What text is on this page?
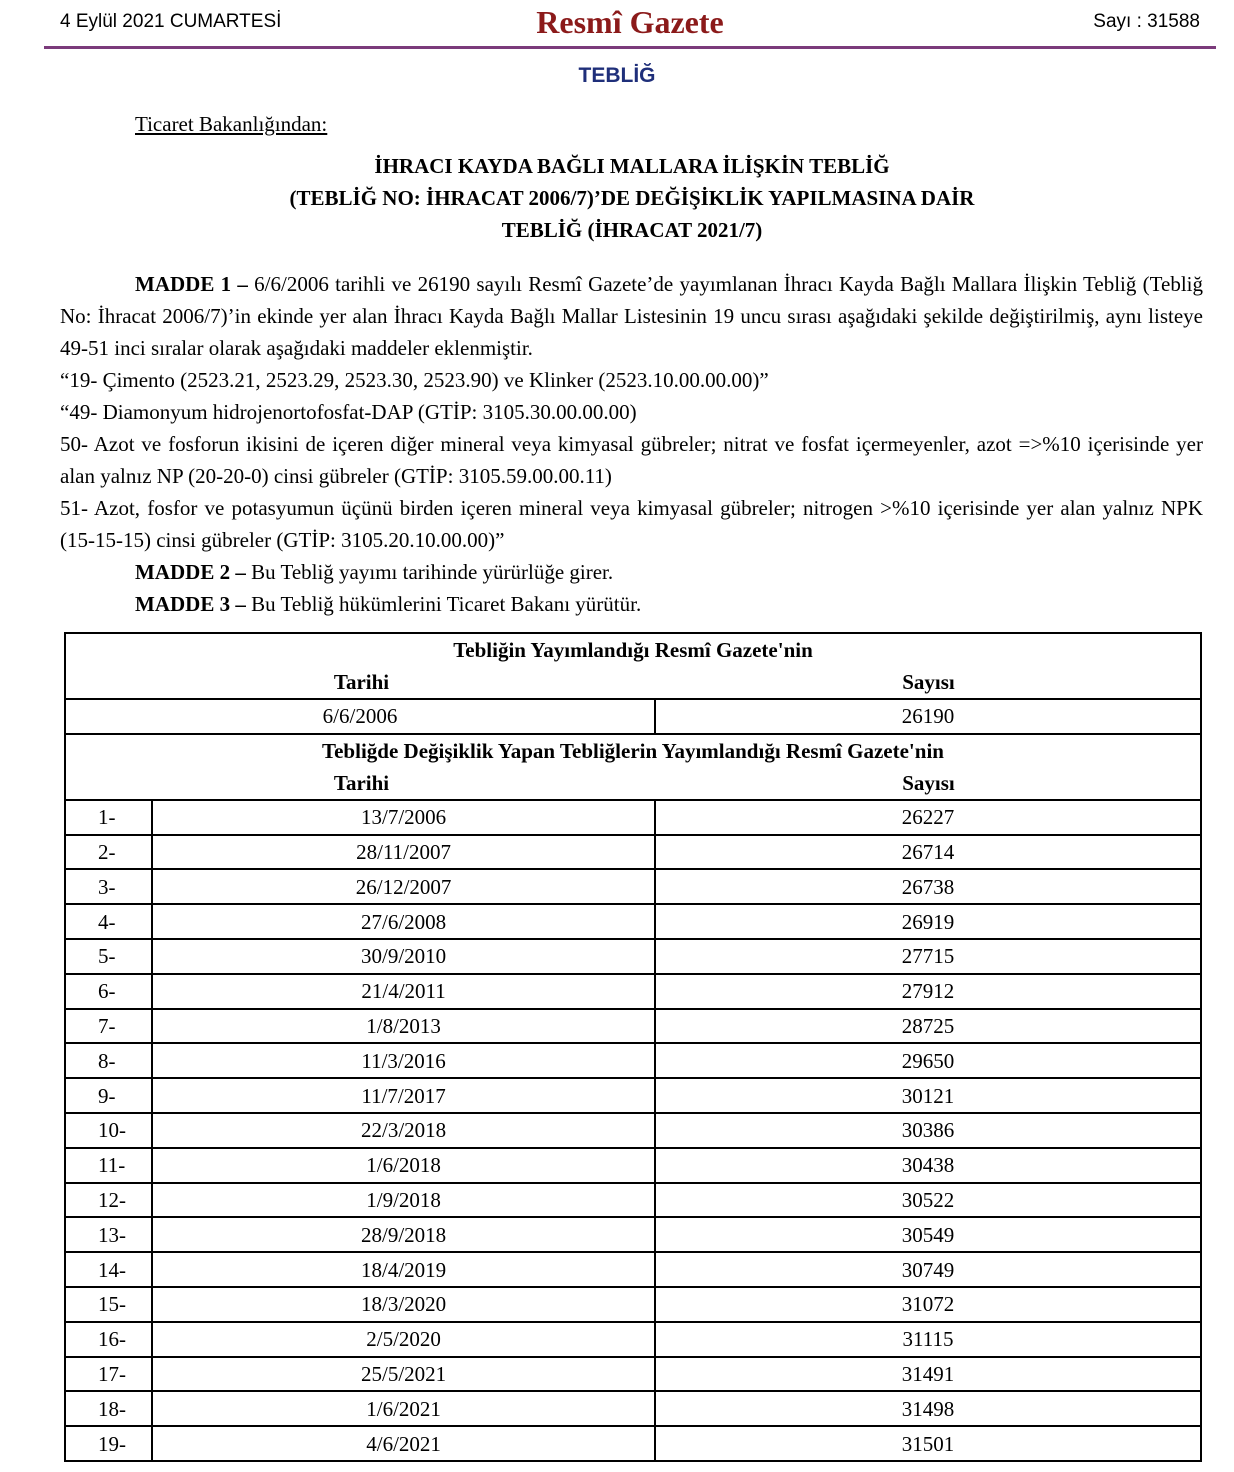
4 Eylül 2021 CUMARTESİ	Resmî Gazete	Sayı : 31588
TEBLİĞ
Ticaret Bakanlığından:
İHRACI KAYDA BAĞLI MALLARA İLİŞKİN TEBLİĞ
(TEBLİĞ NO: İHRACAT 2006/7)’DE DEĞİŞİKLİK YAPILMASINA DAİR
TEBLİĞ (İHRACAT 2021/7)

MADDE 1 – 6/6/2006 tarihli ve 26190 sayılı Resmî Gazete’de yayımlanan İhracı Kayda Bağlı Mallara İlişkin Tebliğ (Tebliğ No: İhracat 2006/7)’in ekinde yer alan İhracı Kayda Bağlı Mallar Listesinin 19 uncu sırası aşağıdaki şekilde değiştirilmiş, aynı listeye 49-51 inci sıralar olarak aşağıdaki maddeler eklenmiştir.

“19- Çimento (2523.21, 2523.29, 2523.30, 2523.90) ve Klinker (2523.10.00.00.00)”

“49- Diamonyum hidrojenortofosfat-DAP (GTİP: 3105.30.00.00.00)

50- Azot ve fosforun ikisini de içeren diğer mineral veya kimyasal gübreler; nitrat ve fosfat içermeyenler, azot =>%10 içerisinde yer alan yalnız NP (20-20-0) cinsi gübreler (GTİP: 3105.59.00.00.11)

51- Azot, fosfor ve potasyumun üçünü birden içeren mineral veya kimyasal gübreler; nitrogen >%10 içerisinde yer alan yalnız NPK (15-15-15) cinsi gübreler (GTİP: 3105.20.10.00.00)”

MADDE 2 – Bu Tebliğ yayımı tarihinde yürürlüğe girer.

MADDE 3 – Bu Tebliğ hükümlerini Ticaret Bakanı yürütür.

Tebliğin Yayımlandığı Resmî Gazete'nin
Tarihi Sayısı		

6/6/2006		26190

Tebliğde Değişiklik Yapan Tebliğlerin Yayımlandığı Resmî Gazete'nin
Tarihi Sayısı		

1-	13/7/2006	26227
2-	28/11/2007	26714
3-	26/12/2007	26738
4-	27/6/2008	26919
5-	30/9/2010	27715
6-	21/4/2011	27912
7-	1/8/2013	28725
8-	11/3/2016	29650
9-	11/7/2017	30121
10-	22/3/2018	30386
11-	1/6/2018	30438
12-	1/9/2018	30522
13-	28/9/2018	30549
14-	18/4/2019	30749
15-	18/3/2020	31072
16-	2/5/2020	31115
17-	25/5/2021	31491
18-	1/6/2021	31498
19-	4/6/2021	31501
